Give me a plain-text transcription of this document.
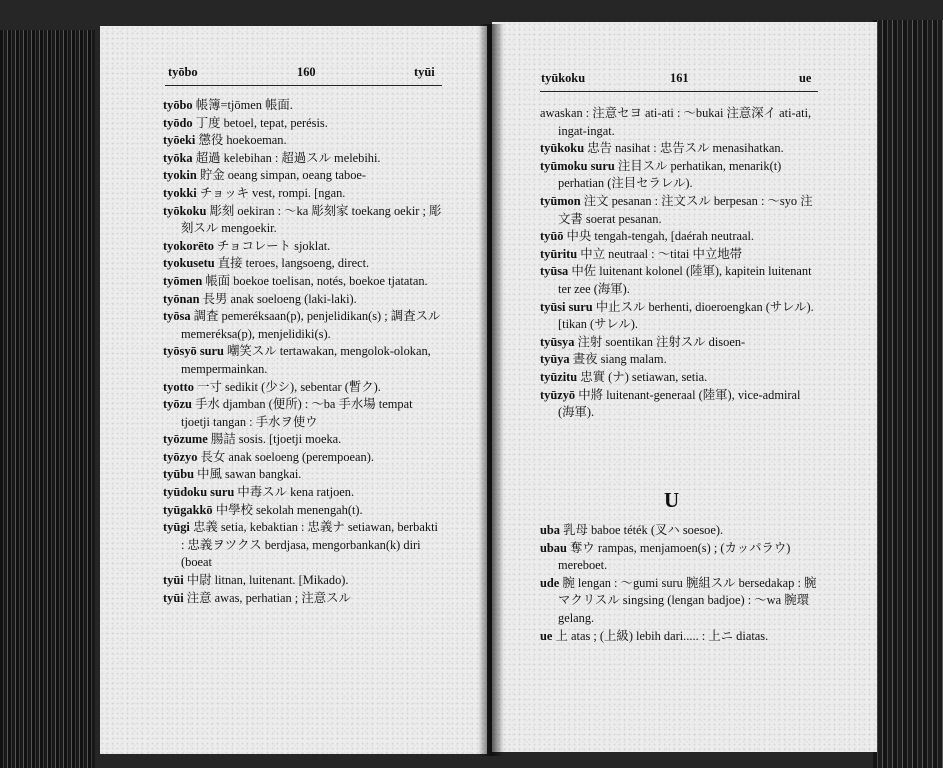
tyōbo	160	tyūi

tyōbo 帳簿=tjōmen 帳面.

tyōdo 丁度 betoel, tepat, perésis.

tyōeki 懲役 hoekoeman.

tyōka 超過 kelebihan : 超過スル melebihi.

tyokin 貯金 oeang simpan, oeang taboe-

tyokki チョッキ vest, rompi. [ngan.

tyōkoku 彫刻 oekiran : ～ka 彫刻家 toekang oekir ; 彫刻スル mengoekir.

tyokorēto チョコレート sjoklat.

tyokusetu 直接 teroes, langsoeng, direct.

tyōmen 帳面 boekoe toelisan, notés, boekoe tjatatan.

tyōnan 長男 anak soeloeng (laki-laki).

tyōsa 調査 pemeréksaan(p), penjelidikan(s) ; 調査スル memeréksa(p), menjelidiki(s).

tyōsyō suru 嘲笑スル tertawakan, mengolok-olokan, mempermainkan.

tyotto 一寸 sedikit (少シ), sebentar (暫ク).

tyōzu 手水 djamban (便所) : ～ba 手水場 tempat tjoetji tangan : 手水ヲ使ウ

tyōzume 腸詰 sosis. [tjoetji moeka.

tyōzyo 長女 anak soeloeng (perempoean).

tyūbu 中風 sawan bangkai.

tyūdoku suru 中毒スル kena ratjoen.

tyūgakkō 中學校 sekolah menengah(t).

tyūgi 忠義 setia, kebaktian : 忠義ナ setiawan, berbakti : 忠義ヲツクス berdjasa, mengorbankan(k) diri (boeat

tyūi 中尉 litnan, luitenant. [Mikado).

tyūi 注意 awas, perhatian ; 注意スル

tyūkoku	161	ue

awaskan : 注意セヨ ati-ati : ～bukai 注意深イ ati-ati, ingat-ingat.

tyūkoku 忠告 nasihat : 忠告スル menasihatkan.

tyūmoku suru 注目スル perhatikan, menarik(t) perhatian (注目セラレル).

tyūmon 注文 pesanan : 注文スル berpesan : ～syo 注文書 soerat pesanan.

tyūō 中央 tengah-tengah, [daérah neutraal.

tyūritu 中立 neutraal : ～titai 中立地帯

tyūsa 中佐 luitenant kolonel (陸軍), kapitein luitenant ter zee (海軍).

tyūsi suru 中止スル berhenti, dioeroengkan (サレル). [tikan (サレル).

tyūsya 注射 soentikan 注射スル disoen-

tyūya 晝夜 siang malam.

tyūzitu 忠實 (ナ) setiawan, setia.

tyūzyō 中將 luitenant-generaal (陸軍), vice-admiral (海軍).

U

uba 乳母 baboe téték (叉ハ soesoe).

ubau 奪ウ rampas, menjamoen(s) ; (カッパラウ) mereboet.

ude 腕 lengan : ～gumi suru 腕組スル bersedakap : 腕マクリスル singsing (lengan badjoe) : ～wa 腕環 gelang.

ue 上 atas ; (上級) lebih dari..... : 上ニ diatas.
